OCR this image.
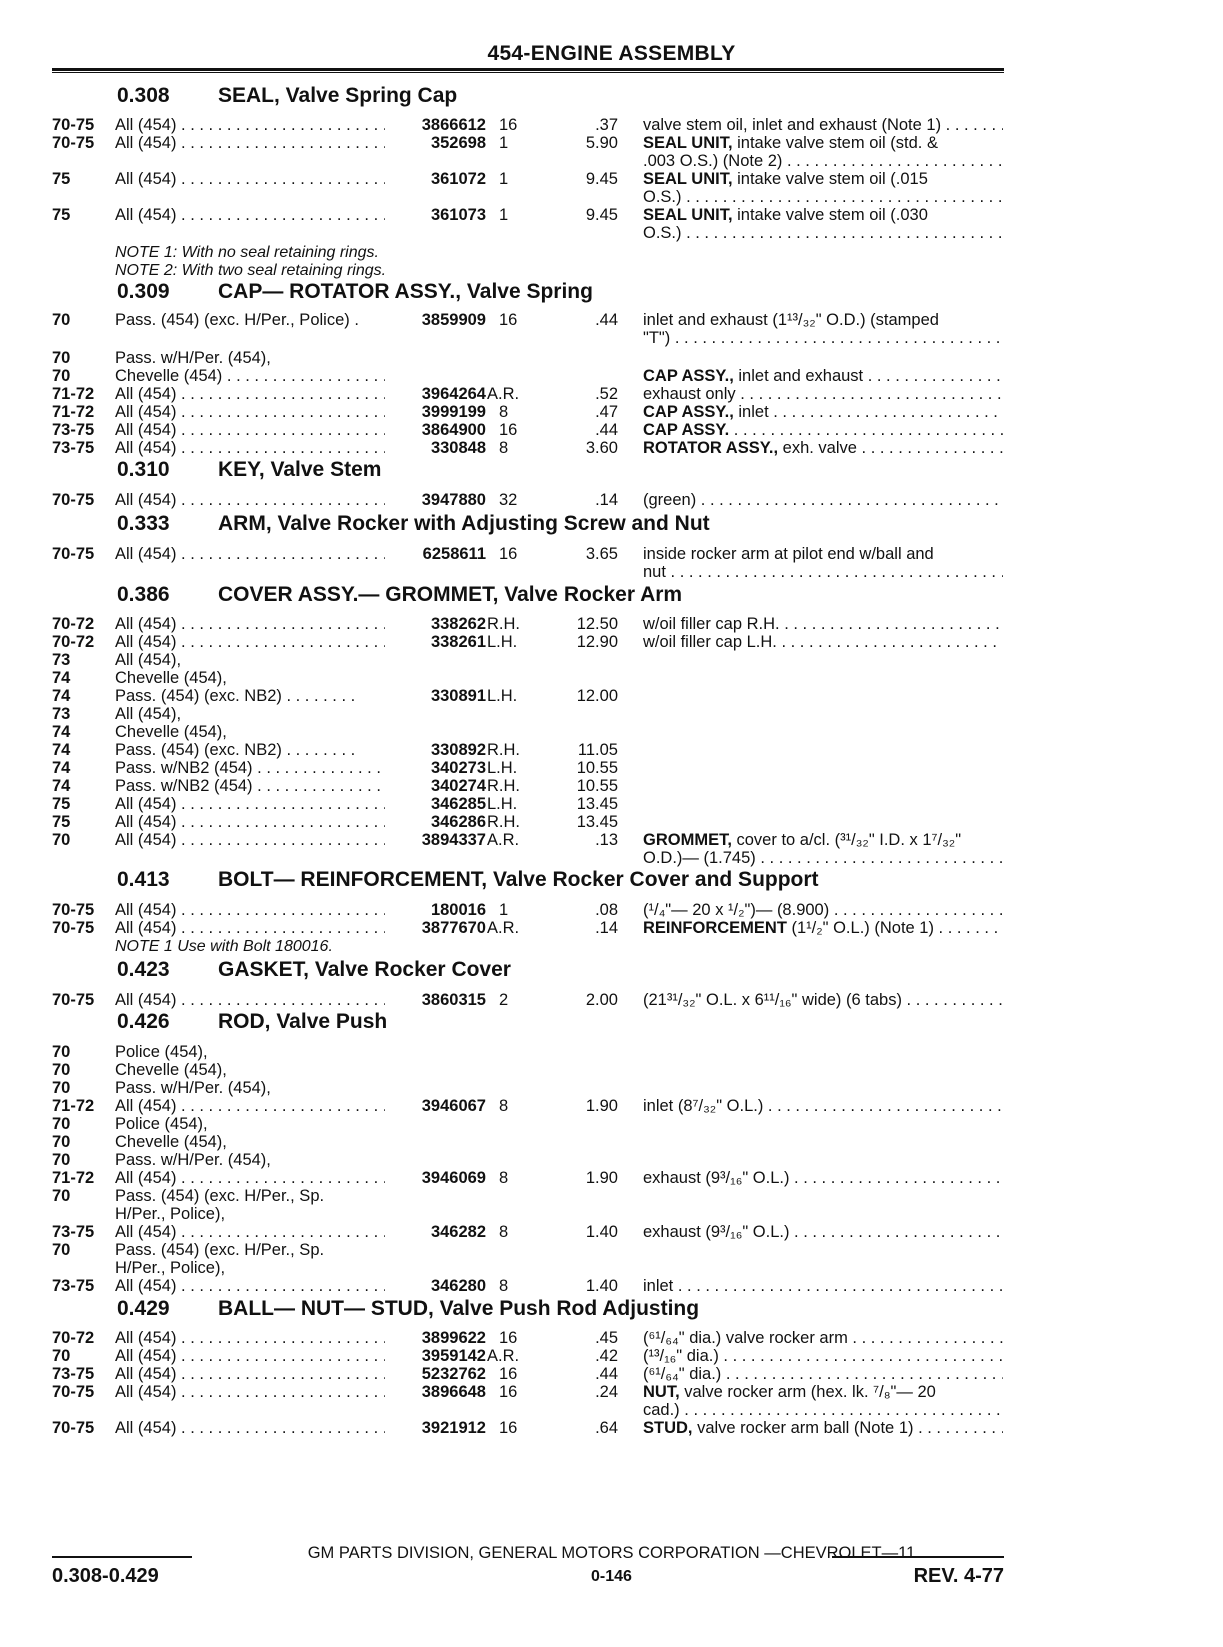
454-ENGINE ASSEMBLY
0.308 SEAL, Valve Spring Cap
70-75 All (454) . . .	3866612 16	.37 valve stem oil, inlet and exhaust (Note 1) . . .
70-75 All (454) . . .	352698 1	5.90 SEAL UNIT, intake valve stem oil (std. &
.003 O.S.) (Note 2) . . .
75	All (454) . . .	361072 1	9.45 SEAL UNIT, intake valve stem oil (.015
O.S.) . . .
75	All (454) . . .	361073 1	9.45 SEAL UNIT, intake valve stem oil (.030
O.S.) . . .
NOTE 1: With no seal retaining rings.
NOTE 2: With two seal retaining rings.
0.309 CAP— ROTATOR ASSY., Valve Spring
70	Pass. (454) (exc. H/Per., Police) .	3859909 16	.44 inlet and exhaust (1¹³/₃₂" O.D.) (stamped
"T") . . .
70	Pass. w/H/Per. (454),
70	Chevelle (454) . . .	CAP ASSY., inlet and exhaust . . .
71-72 All (454) . . .	3964264 A.R.	.52 exhaust only . . .
71-72 All (454) . . .	3999199 8	.47 CAP ASSY., inlet . . .
73-75 All (454) . . .	3864900 16	.44 CAP ASSY. . . .
73-75 All (454) . . .	330848 8	3.60 ROTATOR ASSY., exh. valve . . .
0.310 KEY, Valve Stem
70-75 All (454) . . .	3947880 32	.14 (green) . . .
0.333 ARM, Valve Rocker with Adjusting Screw and Nut
70-75 All (454) . . .	6258611 16	3.65 inside rocker arm at pilot end w/ball and
nut . . .
0.386 COVER ASSY.— GROMMET, Valve Rocker Arm
70-72 All (454) . . .	338262 R.H.	12.50 w/oil filler cap R.H. . . .
70-72 All (454) . . .	338261 L.H.	12.90 w/oil filler cap L.H. . . .
73	All (454),
74	Chevelle (454),
74	Pass. (454) (exc. NB2) . . . . . . . .	330891 L.H.	12.00
73	All (454),
74	Chevelle (454),
74	Pass. (454) (exc. NB2) . . . . . . . .	330892 R.H.	11.05
74	Pass. w/NB2 (454) . . .	340273 L.H.	10.55
74	Pass. w/NB2 (454) . . .	340274 R.H.	10.55
75	All (454) . . .	346285 L.H.	13.45
75	All (454) . . .	346286 R.H.	13.45
70	All (454) . . .	3894337 A.R.	.13 GROMMET, cover to a/cl. (³¹/₃₂" I.D. x 1⁷/₃₂"
O.D.)— (1.745) . . .
0.413 BOLT— REINFORCEMENT, Valve Rocker Cover and Support
70-75 All (454) . . .	180016 1	.08 (¹/₄"— 20 x ¹/₂")— (8.900) . . .
70-75 All (454) . . .	3877670 A.R.	.14 REINFORCEMENT (1¹/₂" O.L.) (Note 1) . . .
NOTE 1 Use with Bolt 180016.
0.423 GASKET, Valve Rocker Cover
70-75 All (454) . . .	3860315 2	2.00 (21³¹/₃₂" O.L. x 6¹¹/₁₆" wide) (6 tabs) . . .
0.426 ROD, Valve Push
70	Police (454),
70	Chevelle (454),
70	Pass. w/H/Per. (454),
71-72 All (454) . . .	3946067 8	1.90 inlet (8⁷/₃₂" O.L.) . . .
70	Police (454),
70	Chevelle (454),
70	Pass. w/H/Per. (454),
71-72 All (454) . . .	3946069 8	1.90 exhaust (9³/₁₆" O.L.) . . .
70	Pass. (454) (exc. H/Per., Sp.
H/Per., Police),
73-75 All (454) . . .	346282 8	1.40 exhaust (9³/₁₆" O.L.) . . .
70	Pass. (454) (exc. H/Per., Sp.
H/Per., Police),
73-75 All (454) . . .	346280 8	1.40 inlet . . .
0.429 BALL— NUT— STUD, Valve Push Rod Adjusting
70-72 All (454) . . .	3899622 16	.45 (⁶¹/₆₄" dia.) valve rocker arm . . .
70	All (454) . . .	3959142 A.R.	.42 (¹³/₁₆" dia.) . . .
73-75 All (454) . . .	5232762 16	.44 (⁶¹/₆₄" dia.) . . .
70-75 All (454) . . .	3896648 16	.24 NUT, valve rocker arm (hex. lk. ⁷/₈"— 20
cad.) . . .
70-75 All (454) . . .	3921912 16	.64 STUD, valve rocker arm ball (Note 1) . . .
GM PARTS DIVISION, GENERAL MOTORS CORPORATION —CHEVROLET—11
0.308-0.429	0-146	REV. 4-77
